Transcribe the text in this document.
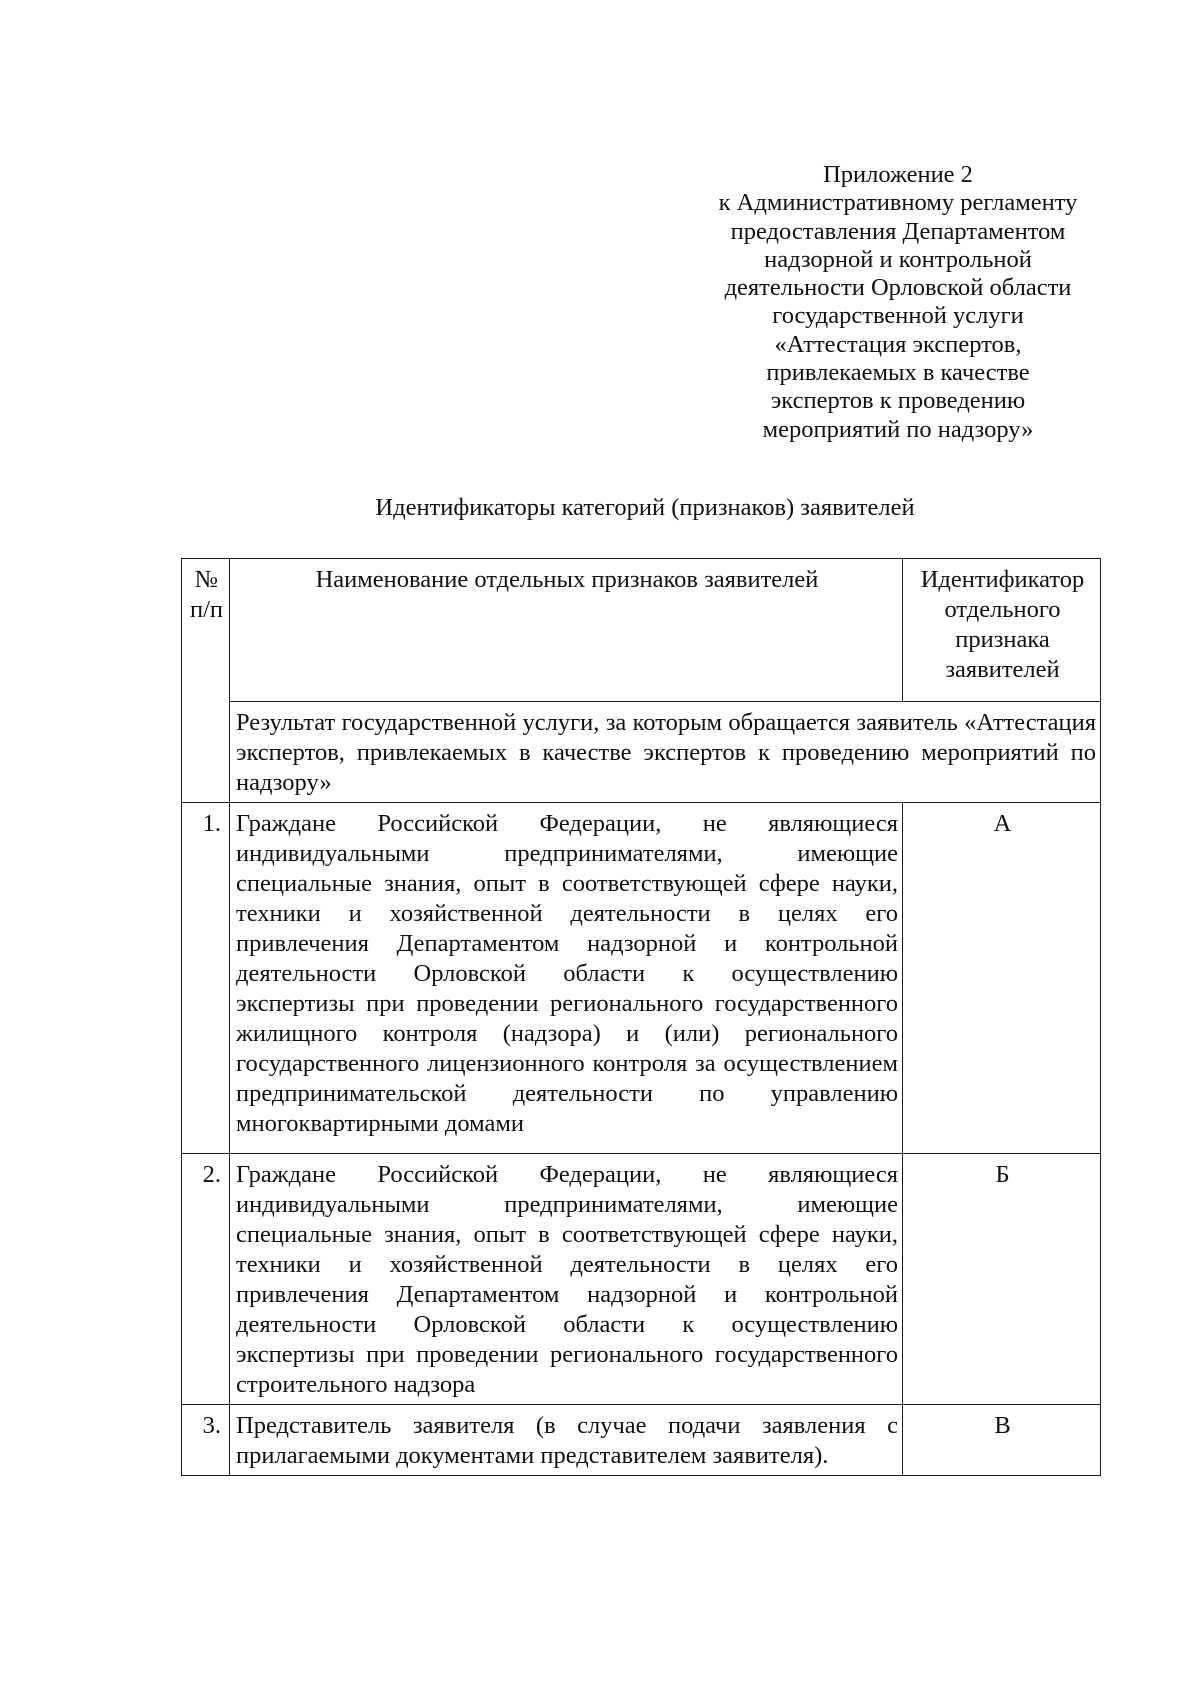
Приложение 2
к Административному регламенту
предоставления Департаментом
надзорной и контрольной
деятельности Орловской области
государственной услуги
«Аттестация экспертов,
привлекаемых в качестве
экспертов к проведению
мероприятий по надзору»
Идентификаторы категорий (признаков) заявителей
№ п/п	Наименование отдельных признаков заявителей	Идентификатор отдельного признака заявителей
	Результат государственной услуги, за которым обращается заявитель «Аттестация экспертов, привлекаемых в качестве экспертов к проведению мероприятий по надзору»	
1.	Граждане Российской Федерации, не являющиеся индивидуальными предпринимателями, имеющие специальные знания, опыт в соответствующей сфере науки, техники и хозяйственной деятельности в целях его привлечения Департаментом надзорной и контрольной деятельности Орловской области к осуществлению экспертизы при проведении регионального государственного жилищного контроля (надзора) и (или) регионального государственного лицензионного контроля за осуществлением предпринимательской деятельности по управлению многоквартирными домами	А
2.	Граждане Российской Федерации, не являющиеся индивидуальными предпринимателями, имеющие специальные знания, опыт в соответствующей сфере науки, техники и хозяйственной деятельности в целях его привлечения Департаментом надзорной и контрольной деятельности Орловской области к осуществлению экспертизы при проведении регионального государственного строительного надзора	Б
3.	Представитель заявителя (в случае подачи заявления с прилагаемыми документами представителем заявителя).	В
